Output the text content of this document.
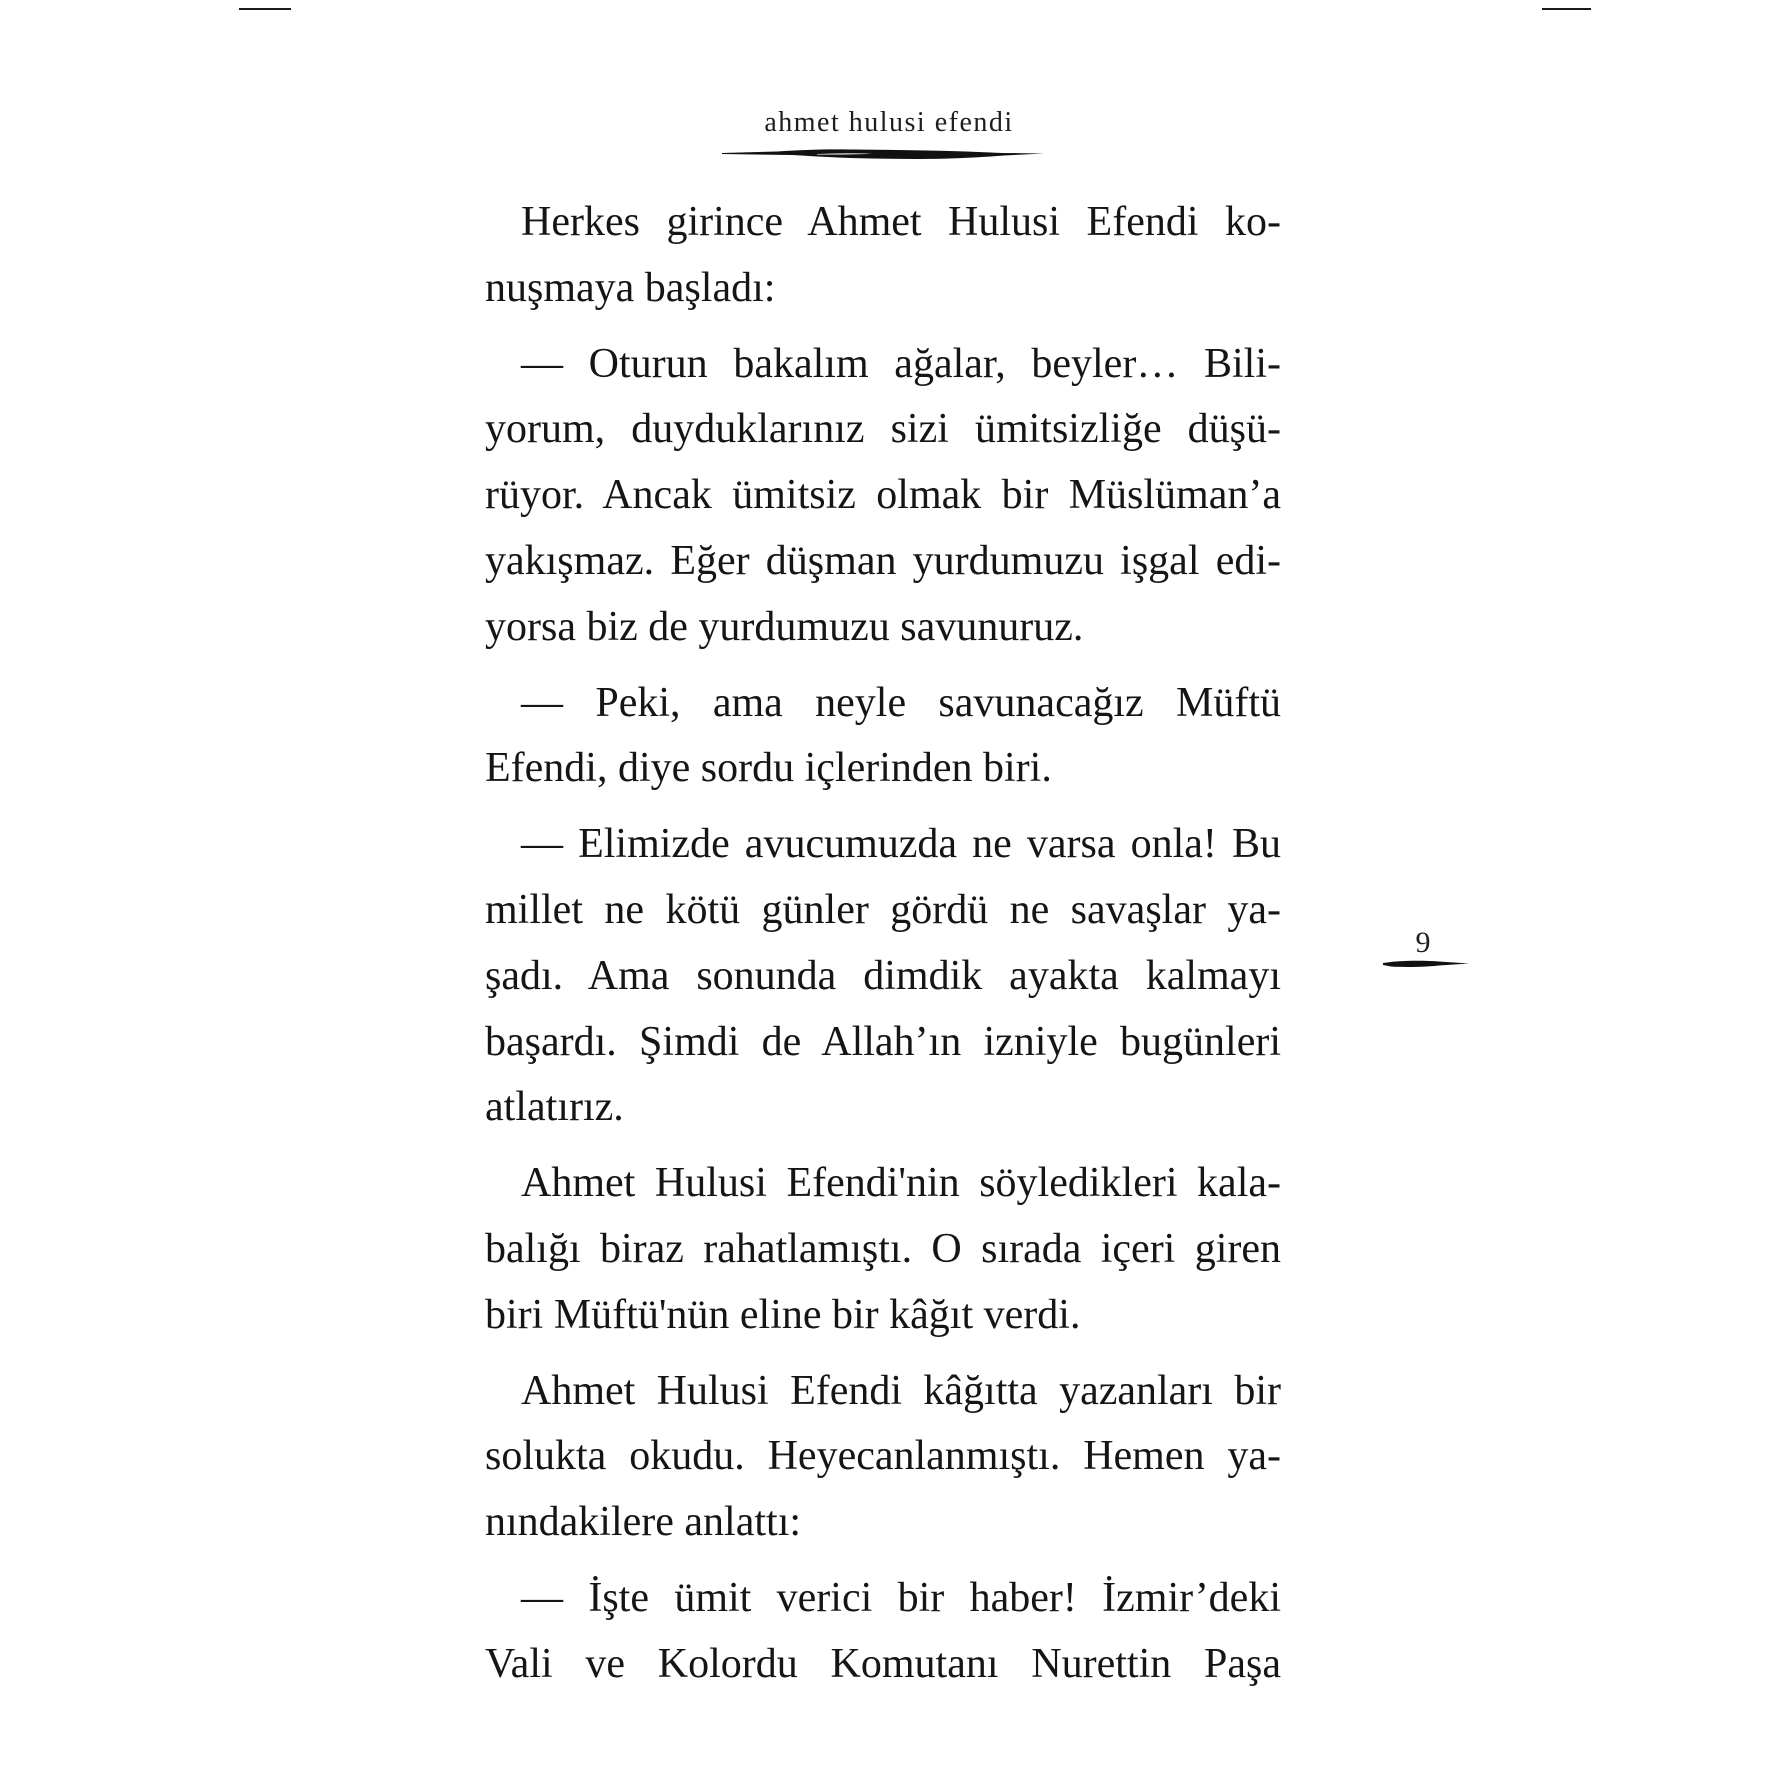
ahmet hulusi efendi
Herkes girince Ahmet Hulusi Efendi ko-
nuşmaya başladı:
— Oturun bakalım ağalar, beyler… Bili-
yorum, duyduklarınız sizi ümitsizliğe düşü-
rüyor. Ancak ümitsiz olmak bir Müslüman’a
yakışmaz. Eğer düşman yurdumuzu işgal edi-
yorsa biz de yurdumuzu savunuruz.
— Peki, ama neyle savunacağız Müftü
Efendi, diye sordu içlerinden biri.
— Elimizde avucumuzda ne varsa onla! Bu
millet ne kötü günler gördü ne savaşlar ya-
şadı. Ama sonunda dimdik ayakta kalmayı
başardı. Şimdi de Allah’ın izniyle bugünleri
atlatırız.
Ahmet Hulusi Efendi'nin söyledikleri kala-
balığı biraz rahatlamıştı. O sırada içeri giren
biri Müftü'nün eline bir kâğıt verdi.
Ahmet Hulusi Efendi kâğıtta yazanları bir
solukta okudu. Heyecanlanmıştı. Hemen ya-
nındakilere anlattı:
— İşte ümit verici bir haber! İzmir’deki
Vali ve Kolordu Komutanı Nurettin Paşa
9
